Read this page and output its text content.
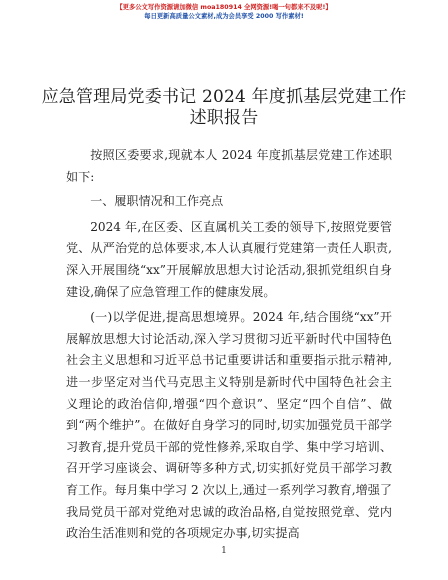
【更多公文写作资源请加微信 moa180914 全网资源!喝一句都来不及呢!】
每日更新高质量公文素材,成为会员享受 2000 写作素材!
应急管理局党委书记 2024 年度抓基层党建工作
述职报告

按照区委要求,现就本人 2024 年度抓基层党建工作述职如下:

一、履职情况和工作亮点

2024 年,在区委、区直属机关工委的领导下,按照党要管党、从严治党的总体要求,本人认真履行党建第一责任人职责,深入开展围绕“xx”开展解放思想大讨论活动,狠抓党组织自身建设,确保了应急管理工作的健康发展。

(一)以学促进,提高思想境界。2024 年,结合围绕“xx”开展解放思想大讨论活动,深入学习贯彻习近平新时代中国特色社会主义思想和习近平总书记重要讲话和重要指示批示精神,进一步坚定对当代马克思主义特别是新时代中国特色社会主义理论的政治信仰,增强“四个意识”、坚定“四个自信”、做到“两个维护”。在做好自身学习的同时,切实加强党员干部学习教育,提升党员干部的党性修养,采取自学、集中学习培训、召开学习座谈会、调研等多种方式,切实抓好党员干部学习教育工作。每月集中学习 2 次以上,通过一系列学习教育,增强了我局党员干部对党绝对忠诚的政治品格,自觉按照党章、党内政治生活准则和党的各项规定办事,切实提高

1
